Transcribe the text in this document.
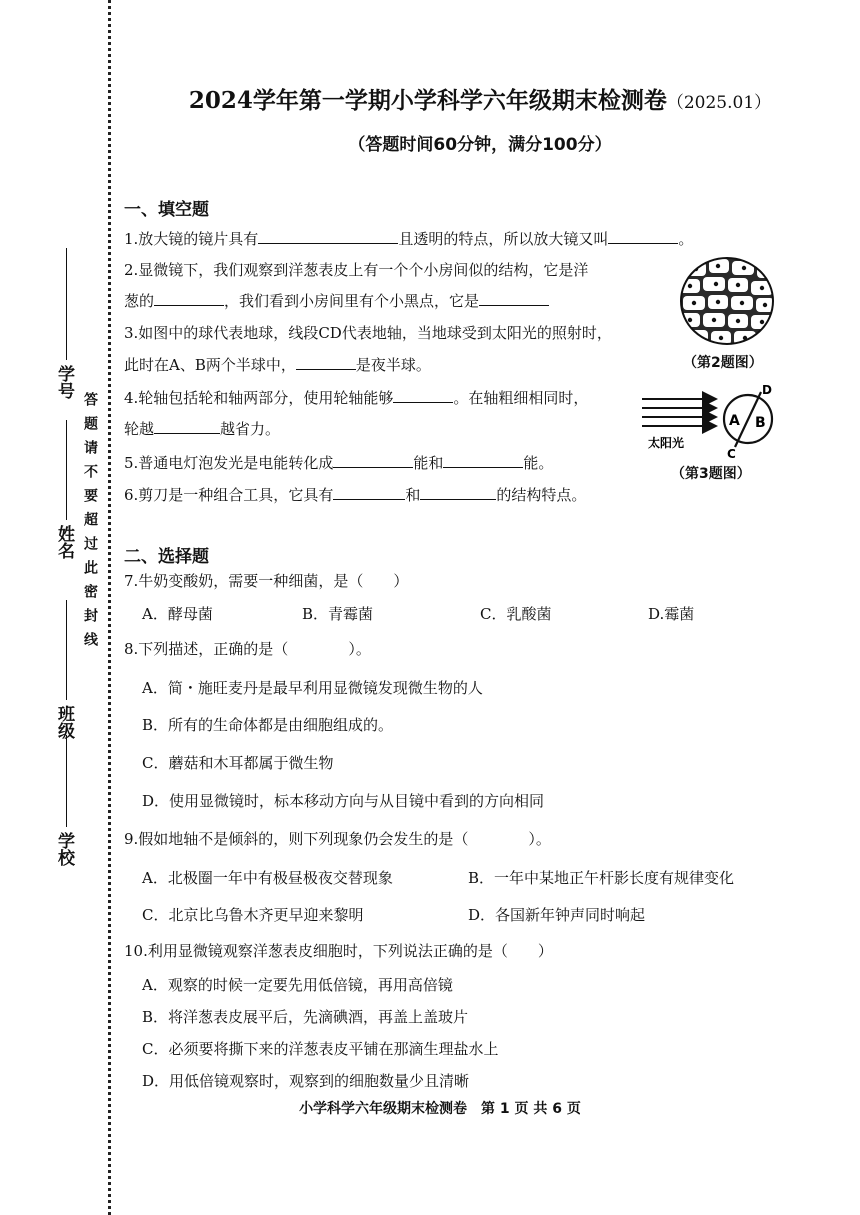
答题请不要超过此密封线
学号
姓名
班级
学校
2024学年第一学期小学科学六年级期末检测卷（2025.01）
（答题时间60分钟，满分100分）
一、填空题
1.放大镜的镜片具有	且透明的特点，所以放大镜又叫	。
2.显微镜下，我们观察到洋葱表皮上有一个个小房间似的结构，它是洋
葱的	，我们看到小房间里有个小黑点，它是
3.如图中的球代表地球，线段CD代表地轴，当地球受到太阳光的照射时，
此时在A、B两个半球中，	是夜半球。
4.轮轴包括轮和轴两部分，使用轮轴能够	。在轴粗细相同时，
轮越	越省力。
5.普通电灯泡发光是电能转化成	能和	能。
6.剪刀是一种组合工具，它具有	和	的结构特点。
（第2题图）
A B
D
C
太阳光
（第3题图）
二、选择题
7.牛奶变酸奶，需要一种细菌，是（　　）
A．酵母菌	B．青霉菌	C．乳酸菌	D.霉菌
8.下列描述，正确的是（　　　　）。
A．简・施旺麦丹是最早利用显微镜发现微生物的人
B．所有的生命体都是由细胞组成的。
C．蘑菇和木耳都属于微生物
D．使用显微镜时，标本移动方向与从目镜中看到的方向相同
9.假如地轴不是倾斜的，则下列现象仍会发生的是（　　　　）。
A．北极圈一年中有极昼极夜交替现象	B．一年中某地正午杆影长度有规律变化
C．北京比乌鲁木齐更早迎来黎明	D．各国新年钟声同时响起
10.利用显微镜观察洋葱表皮细胞时，下列说法正确的是（　　）
A．观察的时候一定要先用低倍镜，再用高倍镜
B．将洋葱表皮展平后，先滴碘酒，再盖上盖玻片
C．必须要将撕下来的洋葱表皮平铺在那滴生理盐水上
D．用低倍镜观察时，观察到的细胞数量少且清晰
小学科学六年级期末检测卷　第 1 页 共 6 页
